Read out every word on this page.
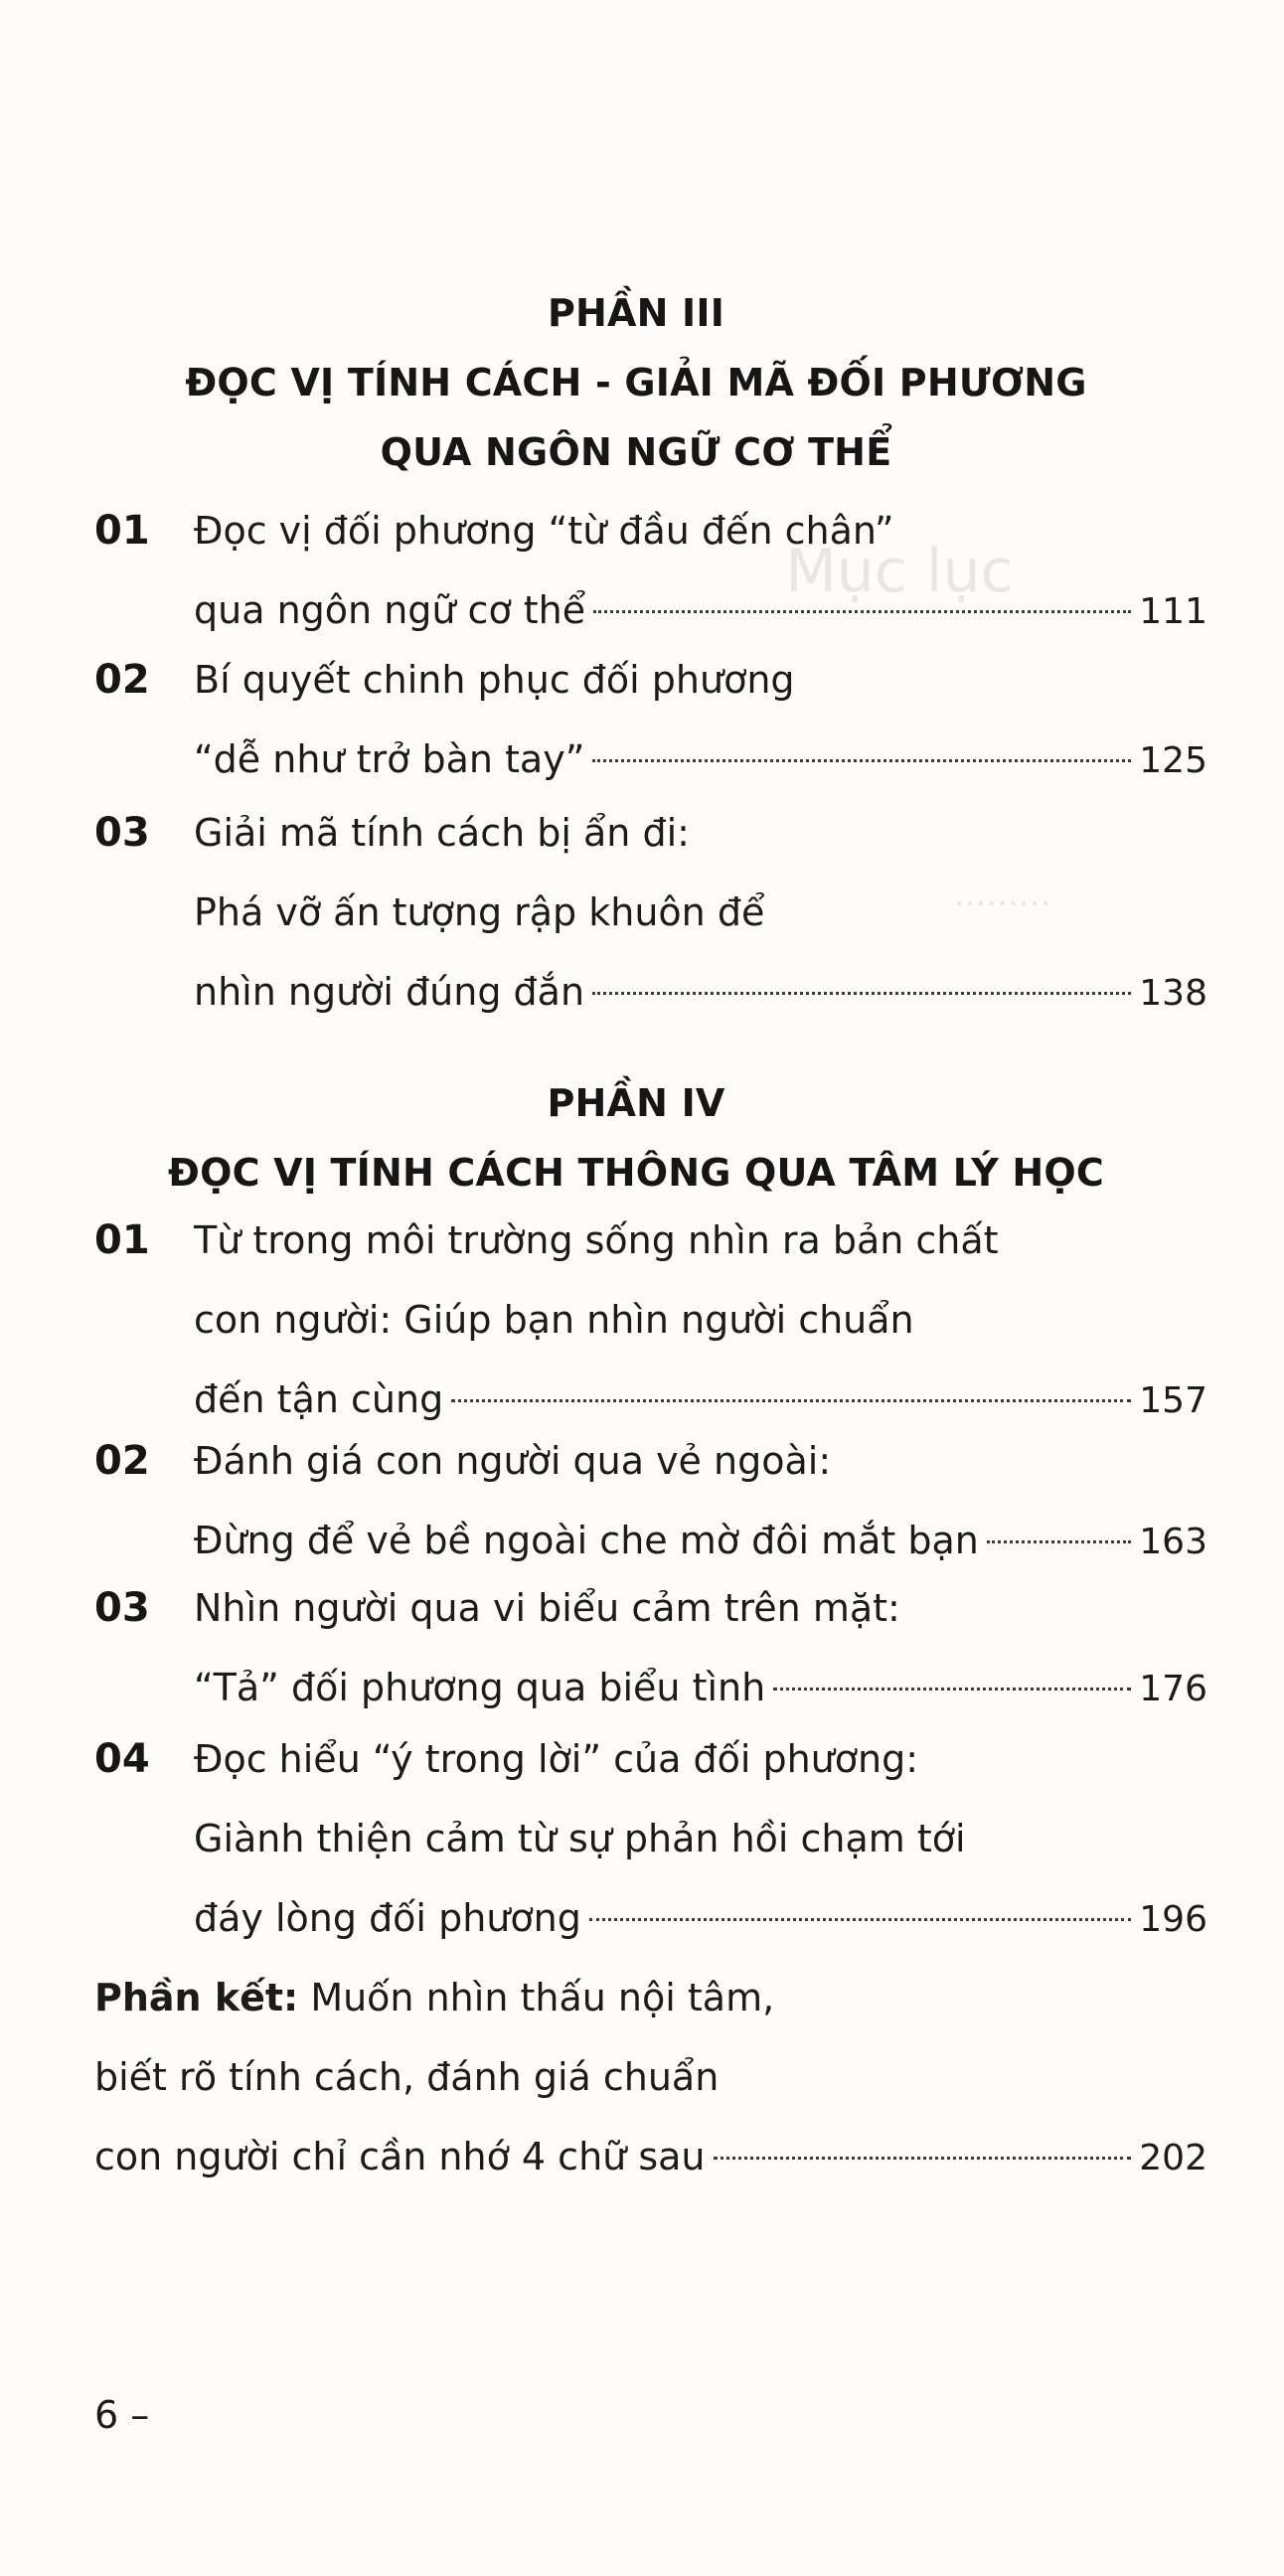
Mục lục
.........
PHẦN III
ĐỌC VỊ TÍNH CÁCH - GIẢI MÃ ĐỐI PHƯƠNG
QUA NGÔN NGỮ CƠ THỂ
01 Đọc vị đối phương “từ đầu đến chân”
qua ngôn ngữ cơ thể	111
02 Bí quyết chinh phục đối phương
“dễ như trở bàn tay”	125
03 Giải mã tính cách bị ẩn đi:
Phá vỡ ấn tượng rập khuôn để
nhìn người đúng đắn	138
PHẦN IV
ĐỌC VỊ TÍNH CÁCH THÔNG QUA TÂM LÝ HỌC
01 Từ trong môi trường sống nhìn ra bản chất
con người: Giúp bạn nhìn người chuẩn
đến tận cùng	157
02 Đánh giá con người qua vẻ ngoài:
Đừng để vẻ bề ngoài che mờ đôi mắt bạn	163
03 Nhìn người qua vi biểu cảm trên mặt:
“Tả” đối phương qua biểu tình	176
04 Đọc hiểu “ý trong lời” của đối phương:
Giành thiện cảm từ sự phản hồi chạm tới
đáy lòng đối phương	196
Phần kết: Muốn nhìn thấu nội tâm,
biết rõ tính cách, đánh giá chuẩn
con người chỉ cần nhớ 4 chữ sau	202
6 –
